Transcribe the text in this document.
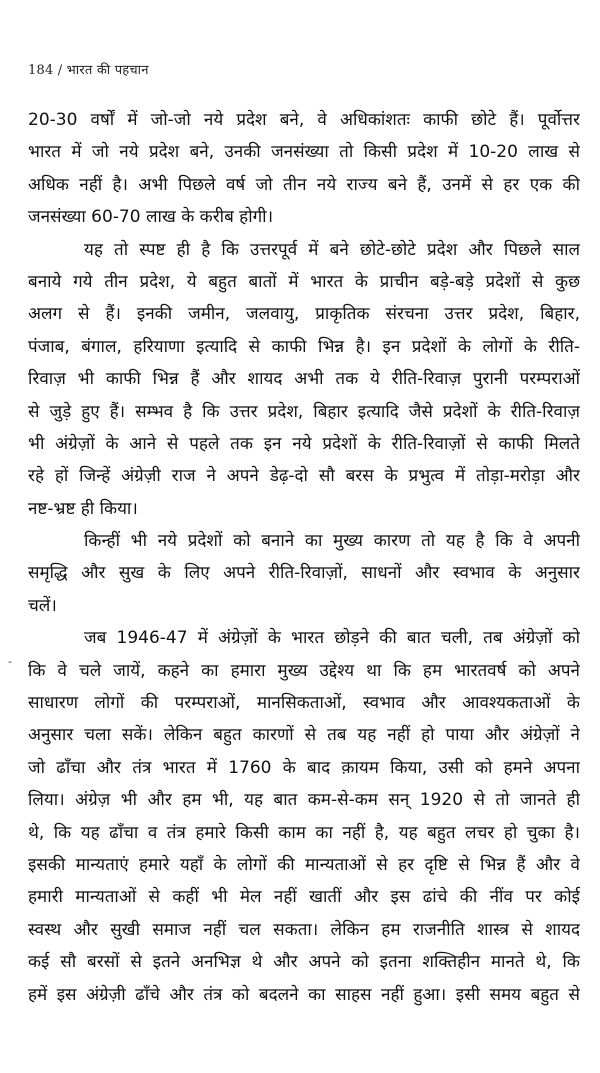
184 / भारत की पहचान
-
20-30 वर्षों में जो-जो नये प्रदेश बने, वे अधिकांशतः काफी छोटे हैं। पूर्वोत्तर
भारत में जो नये प्रदेश बने, उनकी जनसंख्या तो किसी प्रदेश में 10-20 लाख से
अधिक नहीं है। अभी पिछले वर्ष जो तीन नये राज्य बने हैं, उनमें से हर एक की
जनसंख्या 60-70 लाख के करीब होगी।
यह तो स्पष्ट ही है कि उत्तरपूर्व में बने छोटे-छोटे प्रदेश और पिछले साल
बनाये गये तीन प्रदेश, ये बहुत बातों में भारत के प्राचीन बड़े-बड़े प्रदेशों से कुछ
अलग से हैं। इनकी जमीन, जलवायु, प्राकृतिक संरचना उत्तर प्रदेश, बिहार,
पंजाब, बंगाल, हरियाणा इत्यादि से काफी भिन्न है। इन प्रदेशों के लोगों के रीति-
रिवाज़ भी काफी भिन्न हैं और शायद अभी तक ये रीति-रिवाज़ पुरानी परम्पराओं
से जुड़े हुए हैं। सम्भव है कि उत्तर प्रदेश, बिहार इत्यादि जैसे प्रदेशों के रीति-रिवाज़
भी अंग्रेज़ों के आने से पहले तक इन नये प्रदेशों के रीति-रिवाज़ों से काफी मिलते
रहे हों जिन्हें अंग्रेज़ी राज ने अपने डेढ़-दो सौ बरस के प्रभुत्व में तोड़ा-मरोड़ा और
नष्ट-भ्रष्ट ही किया।
किन्हीं भी नये प्रदेशों को बनाने का मुख्य कारण तो यह है कि वे अपनी
समृद्धि और सुख के लिए अपने रीति-रिवाज़ों, साधनों और स्वभाव के अनुसार
चलें।
जब 1946-47 में अंग्रेज़ों के भारत छोड़ने की बात चली, तब अंग्रेज़ों को
कि वे चले जायें, कहने का हमारा मुख्य उद्देश्य था कि हम भारतवर्ष को अपने
साधारण लोगों की परम्पराओं, मानसिकताओं, स्वभाव और आवश्यकताओं के
अनुसार चला सकें। लेकिन बहुत कारणों से तब यह नहीं हो पाया और अंग्रेज़ों ने
जो ढाँचा और तंत्र भारत में 1760 के बाद क़ायम किया, उसी को हमने अपना
लिया। अंग्रेज़ भी और हम भी, यह बात कम-से-कम सन् 1920 से तो जानते ही
थे, कि यह ढाँचा व तंत्र हमारे किसी काम का नहीं है, यह बहुत लचर हो चुका है।
इसकी मान्यताएं हमारे यहाँ के लोगों की मान्यताओं से हर दृष्टि से भिन्न हैं और वे
हमारी मान्यताओं से कहीं भी मेल नहीं खातीं और इस ढांचे की नींव पर कोई
स्वस्थ और सुखी समाज नहीं चल सकता। लेकिन हम राजनीति शास्त्र से शायद
कई सौ बरसों से इतने अनभिज्ञ थे और अपने को इतना शक्तिहीन मानते थे, कि
हमें इस अंग्रेज़ी ढाँचे और तंत्र को बदलने का साहस नहीं हुआ। इसी समय बहुत से
